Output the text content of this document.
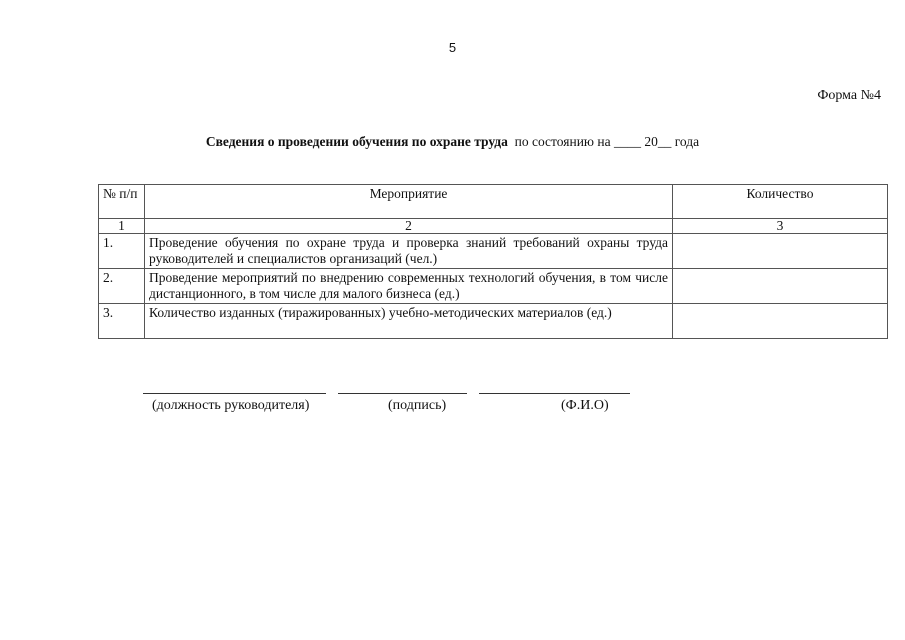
5
Форма №4
Сведения о проведении обучения по охране труда по состоянию на ____ 20__ года
№ п/п	Мероприятие	Количество
1	2	3
1.	Проведение обучения по охране труда и проверка знаний требований охраны труда руководителей и специалистов организаций (чел.)	
2.	Проведение мероприятий по внедрению современных технологий обучения, в том числе дистанционного, в том числе для малого бизнеса (ед.)	
3.	Количество изданных (тиражированных) учебно-методических материалов (ед.)	
(должность руководителя)	(подпись)	(Ф.И.О)
